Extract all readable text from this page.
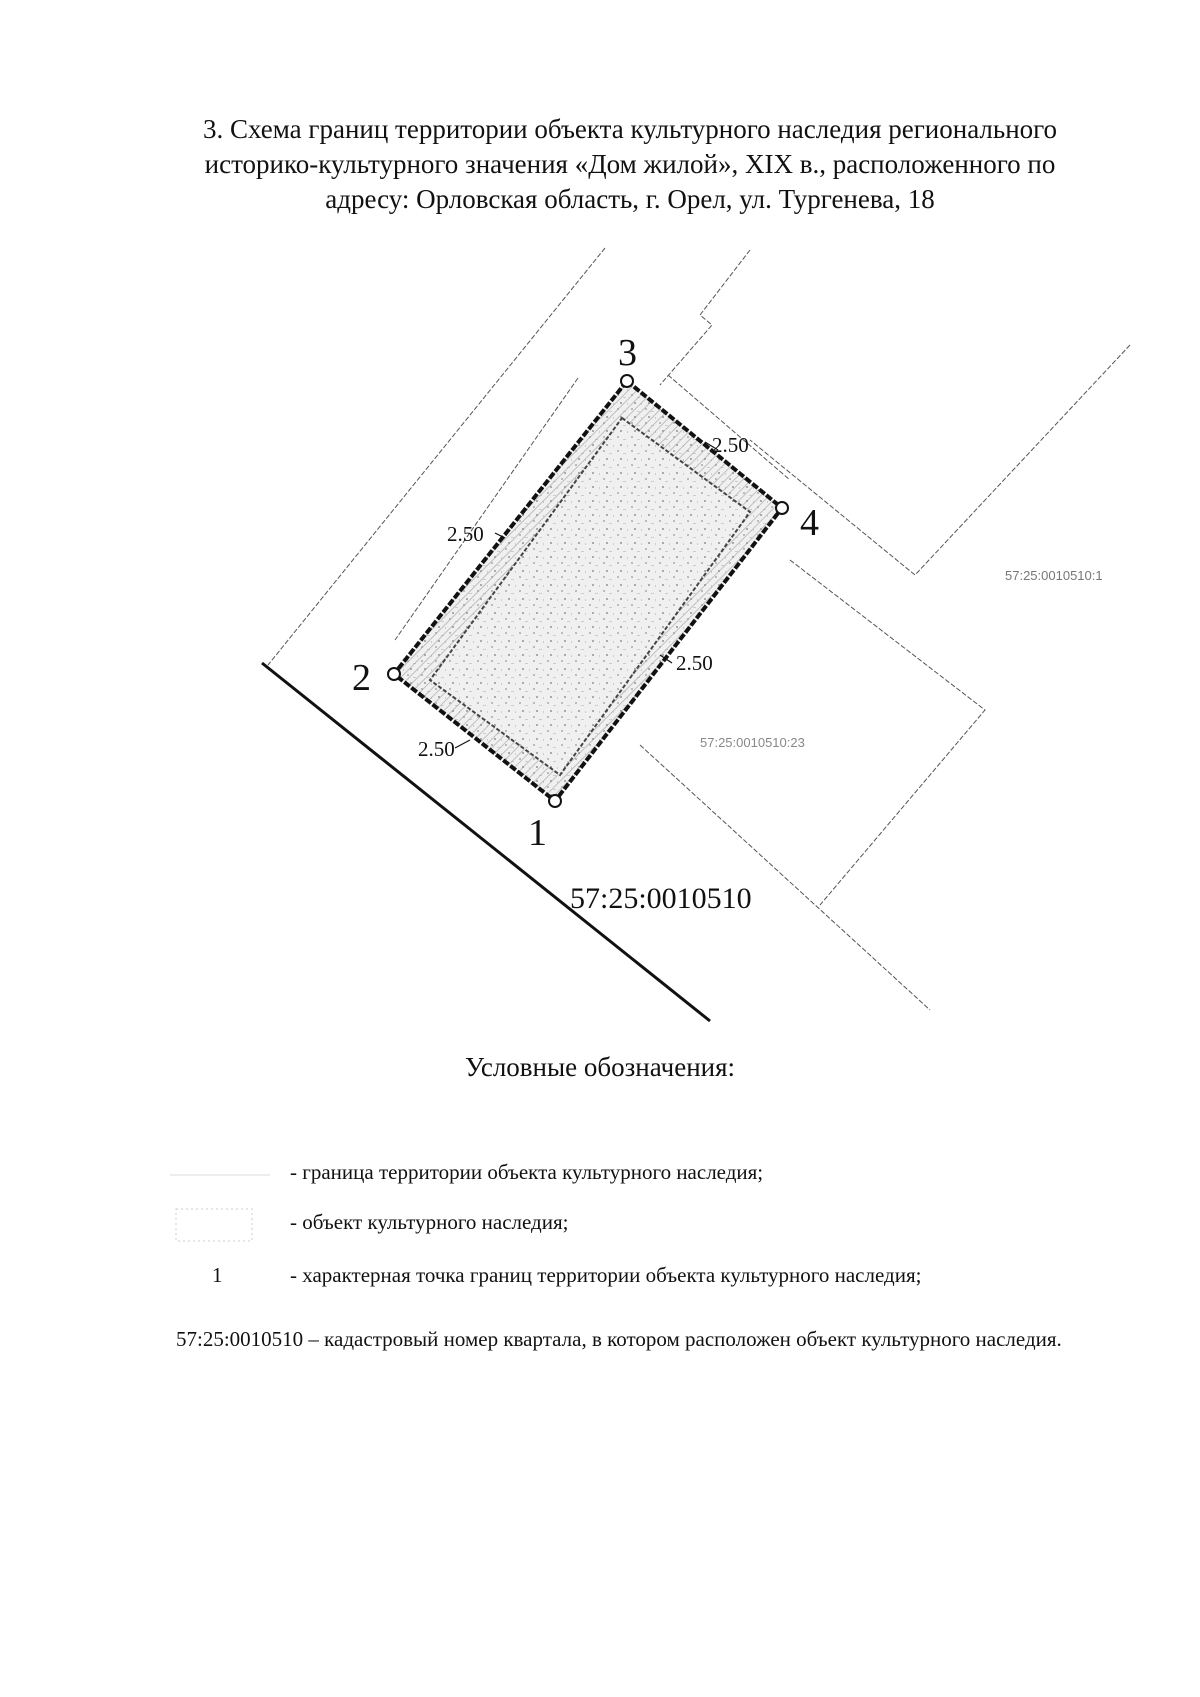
3. Схема границ территории объекта культурного наследия регионального
историко-культурного значения «Дом жилой», XIX в., расположенного по
адресу: Орловская область, г. Орел, ул. Тургенева, 18
1
2
3
4
2.50
2.50
2.50
2.50
57:25:0010510:1
57:25:0010510:23
57:25:0010510
Условные обозначения:
- граница территории объекта культурного наследия;
- объект культурного наследия;
1	- характерная точка границ территории объекта культурного наследия;
57:25:0010510 – кадастровый номер квартала, в котором расположен объект культурного наследия.
